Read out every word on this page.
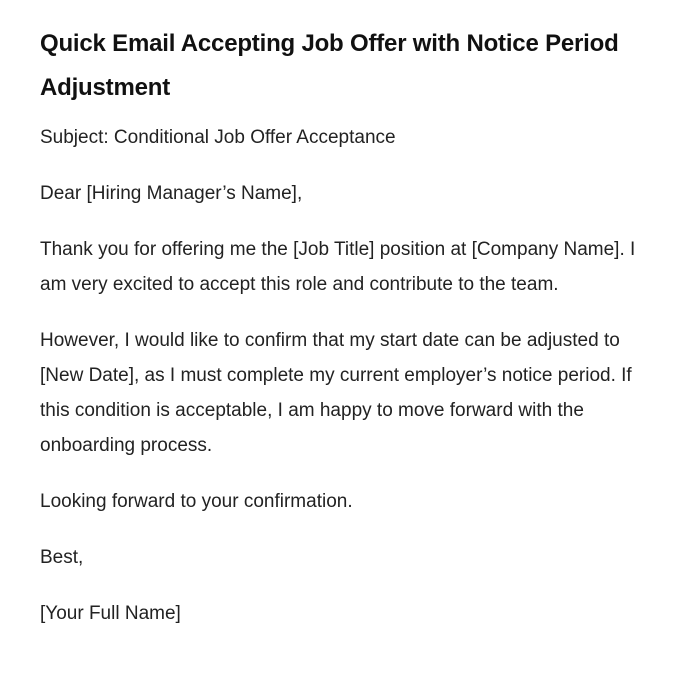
Quick Email Accepting Job Offer with Notice Period Adjustment

Subject: Conditional Job Offer Acceptance

Dear [Hiring Manager’s Name],

Thank you for offering me the [Job Title] position at [Company Name]. I am very excited to accept this role and contribute to the team.

However, I would like to confirm that my start date can be adjusted to [New Date], as I must complete my current employer’s notice period. If this condition is acceptable, I am happy to move forward with the onboarding process.

Looking forward to your confirmation.

Best,

[Your Full Name]
